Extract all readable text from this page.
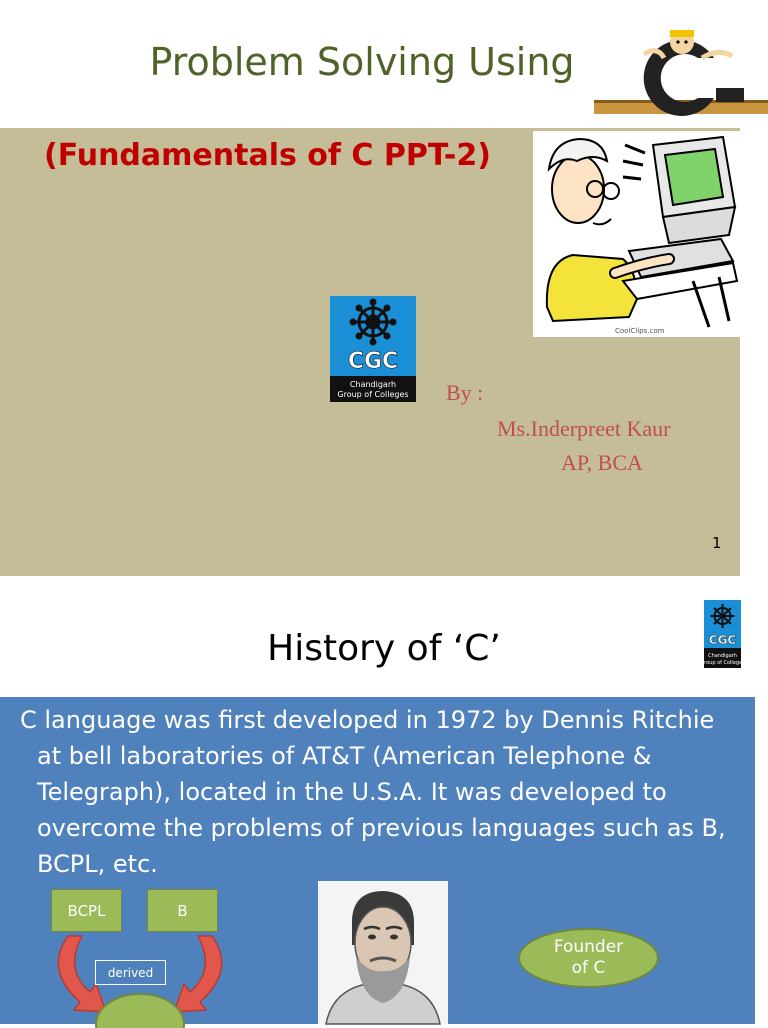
Problem Solving Using
(Fundamentals of C PPT-2)
CoolClips.com
CGC
Chandigarh
Group of Colleges By :
Ms.Inderpreet Kaur
AP, BCA
1
History of ‘C’	CGC
Chandigarh
Group of Colleges
C language was first developed in 1972 by Dennis Ritchie at bell laboratories of AT&T (American Telephone & Telegraph), located in the U.S.A. It was developed to overcome the problems of previous languages such as B, BCPL, etc.
BCPL	B
derived
Founder
of C
